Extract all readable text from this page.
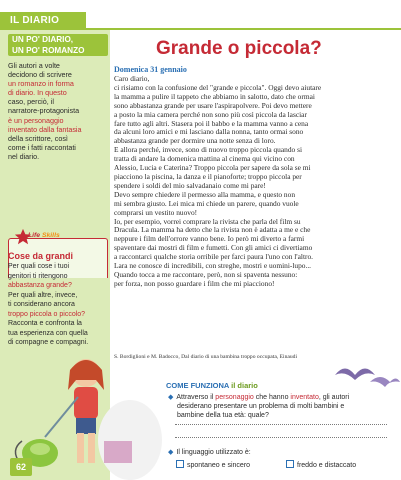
IL DIARIO
UN PO' DIARIO,
UN PO' ROMANZO
Gli autori a volte
decidono di scrivere
un romanzo in forma
di diario. In questo
caso, perciò, il
narratore-protagonista
è un personaggio
inventato dalla fantasia
della scrittore, così
come i fatti raccontati
nel diario.
Life Skills
Cose da grandi
Per quali cose i tuoi
genitori ti ritengono
abbastanza grande?
Per quali altre, invece,
ti considerano ancora
troppo piccola o piccolo?
Racconta e confronta la
tua esperienza con quella
di compagne e compagni.
Grande o piccola?
Domenica 31 gennaio
Caro diario,
ci risiamo con la confusione del "grande e piccola". Oggi devo aiutare
la mamma a pulire il tappeto che abbiamo in salotto, dato che ormai
sono abbastanza grande per usare l'aspirapolvere. Poi devo mettere
a posto la mia camera perché non sono più così piccola da lasciar
fare tutto agli altri. Stasera poi il babbo e la mamma vanno a cena
da alcuni loro amici e mi lasciano dalla nonna, tanto ormai sono
abbastanza grande per dormire una notte senza di loro.
E allora perché, invece, sono di nuovo troppo piccola quando si
tratta di andare la domenica mattina al cinema qui vicino con
Alessio, Lucia e Caterina? Troppo piccola per sapere da sola se mi
piacciono la piscina, la danza e il pianoforte; troppo piccola per
spendere i soldi del mio salvadanaio come mi pare!
Devo sempre chiedere il permesso alla mamma, e questo non
mi sembra giusto. Lei mica mi chiede un parere, quando vuole
comprarsi un vestito nuovo!
Io, per esempio, vorrei comprare la rivista che parla del film su
Dracula. La mamma ha detto che la rivista non è adatta a me e che
neppure i film dell'orrore vanno bene. Io però mi diverto a farmi
spaventare dai mostri di film e fumetti. Con gli amici ci divertiamo
a raccontarci qualche storia orribile per farci paura l'uno con l'altro.
Lara ne conosce di incredibili, con streghe, mostri e uomini-lupo...
Quando tocca a me raccontare, però, non si spaventa nessuno:
per forza, non posso guardare i film che mi piacciono!
S. Bordiglioni e M. Badocco, Dal diario di una bambina troppo occupata, Einaudi
COME FUNZIONA il diario
◆ Attraverso il personaggio che hanno inventato, gli autori
desiderano presentare un problema di molti bambini e
bambine della tua età: quale?
◆ Il linguaggio utilizzato è:
spontaneo e sincero	freddo e distaccato
62
